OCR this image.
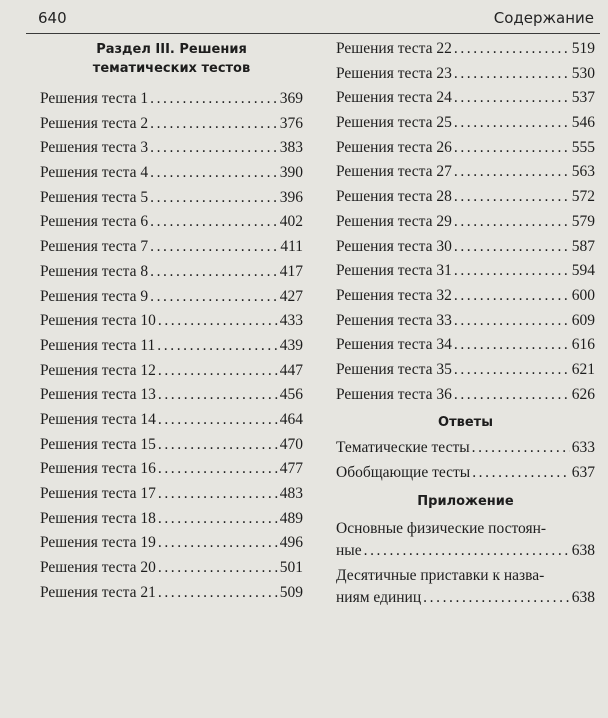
640	Содержание
Раздел III. Решения
тематических тестов
Решения теста 1 .....	369
Решения теста 2 .....	376
Решения теста 3 .....	383
Решения теста 4 .....	390
Решения теста 5 .....	396
Решения теста 6 .....	402
Решения теста 7 .....	411
Решения теста 8 .....	417
Решения теста 9 .....	427
Решения теста 10 .....	433
Решения теста 11 .....	439
Решения теста 12 .....	447
Решения теста 13 .....	456
Решения теста 14 .....	464
Решения теста 15 .....	470
Решения теста 16 .....	477
Решения теста 17 .....	483
Решения теста 18 .....	489
Решения теста 19 .....	496
Решения теста 20 .....	501
Решения теста 21 .....	509
Решения теста 22 .....	519
Решения теста 23 .....	530
Решения теста 24 .....	537
Решения теста 25 .....	546
Решения теста 26 .....	555
Решения теста 27 .....	563
Решения теста 28 .....	572
Решения теста 29 .....	579
Решения теста 30 .....	587
Решения теста 31 .....	594
Решения теста 32 .....	600
Решения теста 33 .....	609
Решения теста 34 .....	616
Решения теста 35 .....	621
Решения теста 36 .....	626
Ответы
Тематические тесты .....	633
Обобщающие тесты .....	637
Приложение
Основные физические постоян-
ные .....	638
Десятичные приставки к назва-
ниям единиц .....	638
